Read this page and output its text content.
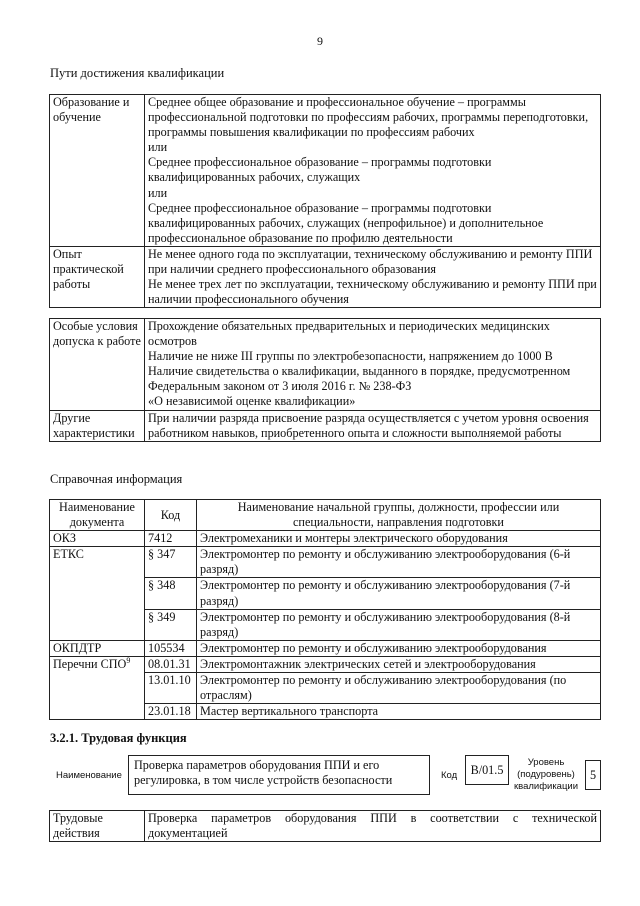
9
Пути достижения квалификации
Образование и обучение	Среднее общее образование и профессиональное обучение – программы профессиональной подготовки по профессиям рабочих, программы переподготовки, программы повышения квалификации по профессиям рабочих
или
Среднее профессиональное образование – программы подготовки квалифицированных рабочих, служащих
или
Среднее профессиональное образование – программы подготовки квалифицированных рабочих, служащих (непрофильное) и дополнительное профессиональное образование по профилю деятельности
Опыт практической работы	Не менее одного года по эксплуатации, техническому обслуживанию и ремонту ППИ при наличии среднего профессионального образования
Не менее трех лет по эксплуатации, техническому обслуживанию и ремонту ППИ при наличии профессионального обучения
Особые условия допуска к работе	Прохождение обязательных предварительных и периодических медицинских осмотров
Наличие не ниже III группы по электробезопасности, напряжением до 1000 В
Наличие свидетельства о квалификации, выданного в порядке, предусмотренном Федеральным законом от 3 июля 2016 г. № 238-ФЗ
«О независимой оценке квалификации»
Другие характеристики	При наличии разряда присвоение разряда осуществляется с учетом уровня освоения работником навыков, приобретенного опыта и сложности выполняемой работы
Справочная информация
Наименование документа	Код	Наименование начальной группы, должности, профессии или специальности, направления подготовки
ОКЗ	7412	Электромеханики и монтеры электрического оборудования
ЕТКС	§ 347	Электромонтер по ремонту и обслуживанию электрооборудования (6-й разряд)
	§ 348	Электромонтер по ремонту и обслуживанию электрооборудования (7-й разряд)
	§ 349	Электромонтер по ремонту и обслуживанию электрооборудования (8-й разряд)
ОКПДТР	105534	Электромонтер по ремонту и обслуживанию электрооборудования
Перечни СПО$^9$	08.01.31	Электромонтажник электрических сетей и электрооборудования
	13.01.10	Электромонтер по ремонту и обслуживанию электрооборудования (по отраслям)
	23.01.18	Мастер вертикального транспорта
3.2.1. Трудовая функция
Наименование
Проверка параметров оборудования ППИ и его регулировка, в том числе устройств безопасности	Код	B/01.5
Уровень
(подуровень)
квалификации
5
Трудовые действия	Проверка параметров оборудования ППИ в соответствии с технической документацией
